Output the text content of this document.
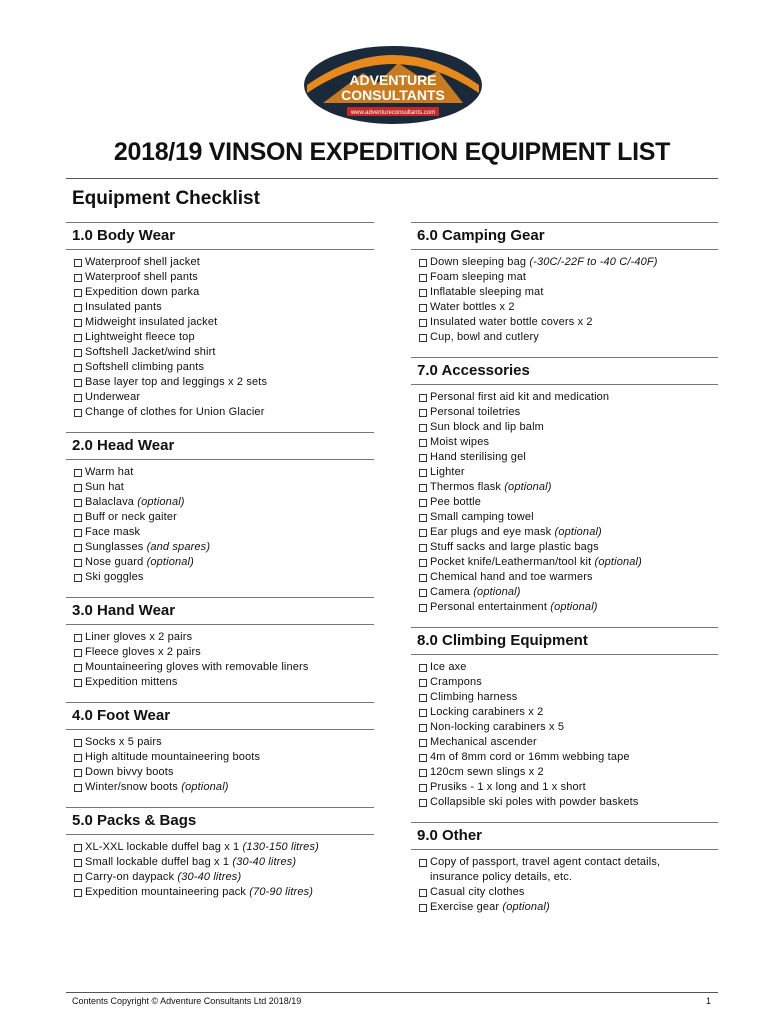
ADVENTURE
CONSULTANTS
www.adventureconsultants.com
2018/19 VINSON EXPEDITION EQUIPMENT LIST
Equipment Checklist
1.0 Body Wear
Waterproof shell jacket
Waterproof shell pants
Expedition down parka
Insulated pants
Midweight insulated jacket
Lightweight fleece top
Softshell Jacket/wind shirt
Softshell climbing pants
Base layer top and leggings x 2 sets
Underwear
Change of clothes for Union Glacier
2.0 Head Wear
Warm hat
Sun hat
Balaclava (optional)
Buff or neck gaiter
Face mask
Sunglasses (and spares)
Nose guard (optional)
Ski goggles
3.0 Hand Wear
Liner gloves x 2 pairs
Fleece gloves x 2 pairs
Mountaineering gloves with removable liners
Expedition mittens
4.0 Foot Wear
Socks x 5 pairs
High altitude mountaineering boots
Down bivvy boots
Winter/snow boots (optional)
5.0 Packs & Bags
XL-XXL lockable duffel bag x 1 (130-150 litres)
Small lockable duffel bag x 1 (30-40 litres)
Carry-on daypack (30-40 litres)
Expedition mountaineering pack (70-90 litres)
6.0 Camping Gear
Down sleeping bag (-30C/-22F to -40 C/-40F)
Foam sleeping mat
Inflatable sleeping mat
Water bottles x 2
Insulated water bottle covers x 2
Cup, bowl and cutlery
7.0 Accessories
Personal first aid kit and medication
Personal toiletries
Sun block and lip balm
Moist wipes
Hand sterilising gel
Lighter
Thermos flask (optional)
Pee bottle
Small camping towel
Ear plugs and eye mask (optional)
Stuff sacks and large plastic bags
Pocket knife/Leatherman/tool kit (optional)
Chemical hand and toe warmers
Camera (optional)
Personal entertainment (optional)
8.0 Climbing Equipment
Ice axe
Crampons
Climbing harness
Locking carabiners x 2
Non-locking carabiners x 5
Mechanical ascender
4m of 8mm cord or 16mm webbing tape
120cm sewn slings x 2
Prusiks - 1 x long and 1 x short
Collapsible ski poles with powder baskets
9.0 Other
Copy of passport, travel agent contact details,
insurance policy details, etc.
Casual city clothes
Exercise gear (optional)
Contents Copyright © Adventure Consultants Ltd 2018/19	1
